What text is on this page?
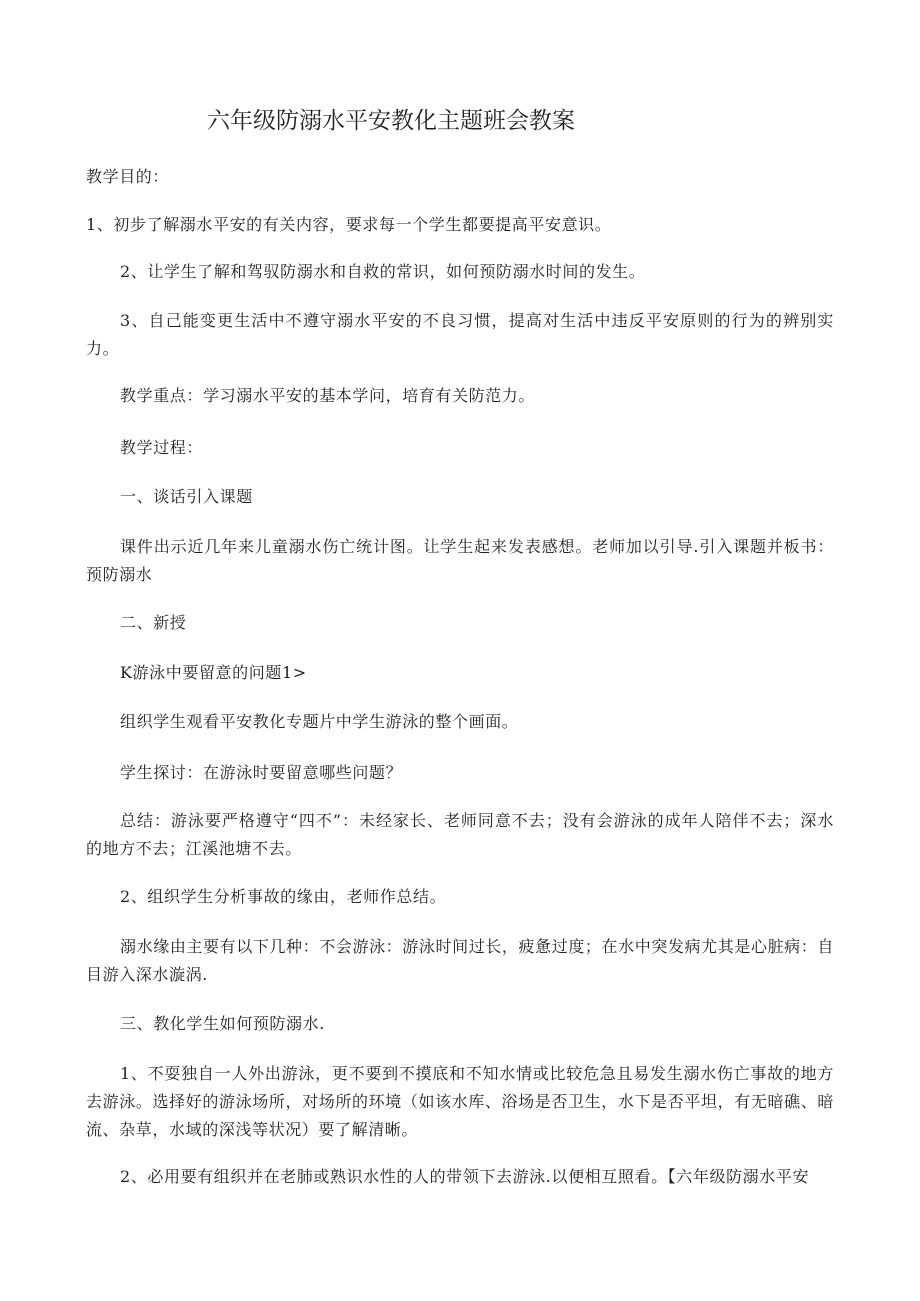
六年级防溺水平安教化主题班会教案
教学目的：
1、初步了解溺水平安的有关内容，要求每一个学生都要提高平安意识。
2、让学生了解和驾驭防溺水和自救的常识，如何预防溺水时间的发生。
3、自己能变更生活中不遵守溺水平安的不良习惯，提高对生活中违反平安原则的行为的辨别实力。
教学重点：学习溺水平安的基本学问，培育有关防范力。
教学过程：
一、谈话引入课题
课件出示近几年来儿童溺水伤亡统计图。让学生起来发表感想。老师加以引导.引入课题并板书：预防溺水
二、新授
K游泳中要留意的问题1>
组织学生观看平安教化专题片中学生游泳的整个画面。
学生探讨：在游泳时要留意哪些问题？
总结：游泳要严格遵守“四不”：未经家长、老师同意不去；没有会游泳的成年人陪伴不去；深水的地方不去；江溪池塘不去。
2、组织学生分析事故的缘由，老师作总结。
溺水缘由主要有以下几种：不会游泳：游泳时间过长，疲惫过度；在水中突发病尤其是心脏病：自目游入深水漩涡.
三、教化学生如何预防溺水.
1、不耍独自一人外出游泳，更不要到不摸底和不知水情或比较危急且易发生溺水伤亡事故的地方去游泳。选择好的游泳场所，对场所的环境（如该水库、浴场是否卫生，水下是否平坦，有无暗礁、暗流、杂草，水域的深浅等状况）要了解清晰。
2、必用要有组织并在老肺或熟识水性的人的带领下去游泳.以便相互照看。【六年级防溺水平安
